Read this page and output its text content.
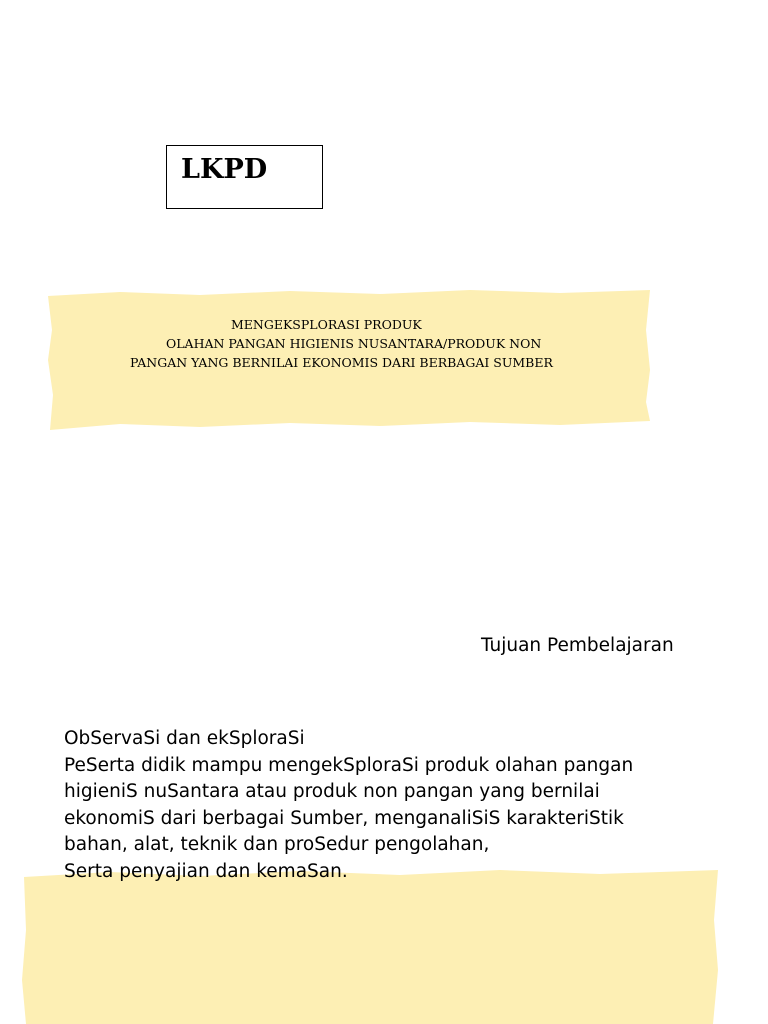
LKPD
MENGEKSPLORASI PRODUK
OLAHAN PANGAN HIGIENIS NUSANTARA/PRODUK NON
PANGAN YANG BERNILAI EKONOMIS DARI BERBAGAI SUMBER
Tujuan Pembelajaran
ObServaSi dan ekSploraSi
PeSerta didik mampu mengekSploraSi produk olahan pangan
higieniS nuSantara atau produk non pangan yang bernilai
ekonomiS dari berbagai Sumber, menganaliSiS karakteriStik
bahan, alat, teknik dan proSedur pengolahan,
Serta penyajian dan kemaSan.
